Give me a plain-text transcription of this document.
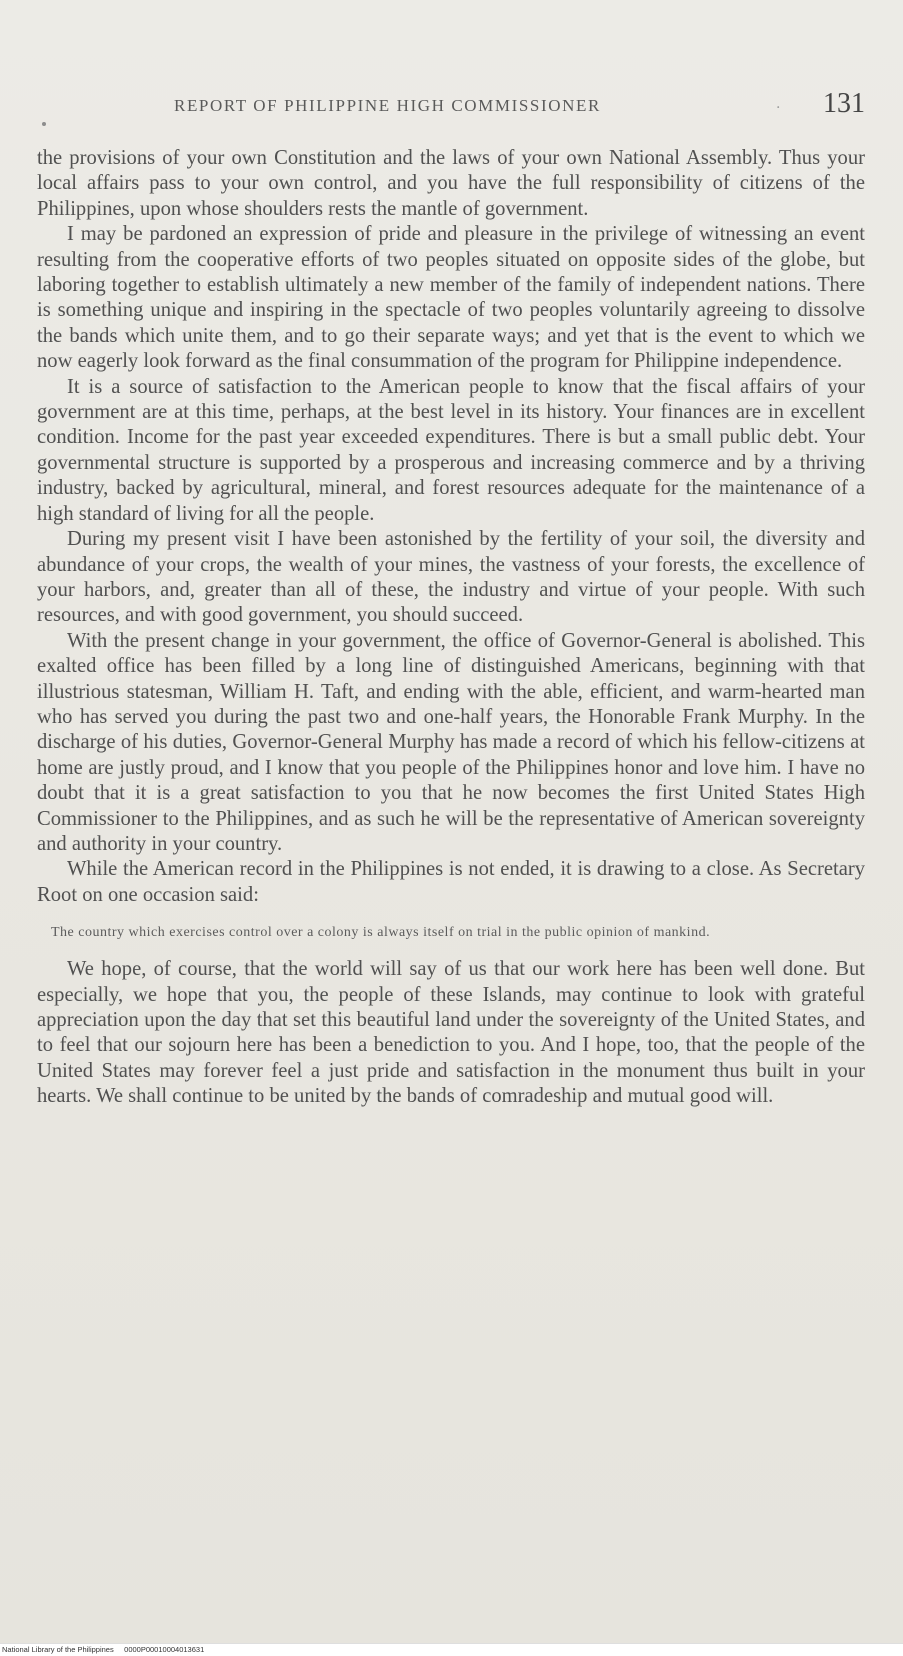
REPORT OF PHILIPPINE HIGH COMMISSIONER	· 131

the provisions of your own Constitution and the laws of your own National Assembly. Thus your local affairs pass to your own control, and you have the full responsibility of citizens of the Philippines, upon whose shoulders rests the mantle of government.

I may be pardoned an expression of pride and pleasure in the privilege of witnessing an event resulting from the cooperative efforts of two peoples situated on opposite sides of the globe, but laboring together to establish ultimately a new member of the family of independent nations. There is something unique and inspiring in the spectacle of two peoples voluntarily agreeing to dissolve the bands which unite them, and to go their separate ways; and yet that is the event to which we now eagerly look forward as the final consummation of the program for Philippine independence.

It is a source of satisfaction to the American people to know that the fiscal affairs of your government are at this time, perhaps, at the best level in its history. Your finances are in excellent condition. Income for the past year exceeded expenditures. There is but a small public debt. Your governmental structure is supported by a prosperous and increasing commerce and by a thriving industry, backed by agricultural, mineral, and forest resources adequate for the maintenance of a high standard of living for all the people.

During my present visit I have been astonished by the fertility of your soil, the diversity and abundance of your crops, the wealth of your mines, the vastness of your forests, the excellence of your harbors, and, greater than all of these, the industry and virtue of your people. With such resources, and with good government, you should succeed.

With the present change in your government, the office of Governor-General is abolished. This exalted office has been filled by a long line of distinguished Americans, beginning with that illustrious statesman, William H. Taft, and ending with the able, efficient, and warm-hearted man who has served you during the past two and one-half years, the Honorable Frank Murphy. In the discharge of his duties, Governor-General Murphy has made a record of which his fellow-citizens at home are justly proud, and I know that you people of the Philippines honor and love him. I have no doubt that it is a great satisfaction to you that he now becomes the first United States High Commissioner to the Philippines, and as such he will be the representative of American sovereignty and authority in your country.

While the American record in the Philippines is not ended, it is drawing to a close. As Secretary Root on one occasion said:

The country which exercises control over a colony is always itself on trial in the public opinion of mankind.

We hope, of course, that the world will say of us that our work here has been well done. But especially, we hope that you, the people of these Islands, may continue to look with grateful appreciation upon the day that set this beautiful land under the sovereignty of the United States, and to feel that our sojourn here has been a benediction to you. And I hope, too, that the people of the United States may forever feel a just pride and satisfaction in the monument thus built in your hearts. We shall continue to be united by the bands of comradeship and mutual good will.

National Library of the Philippines 0000P00010004013631
